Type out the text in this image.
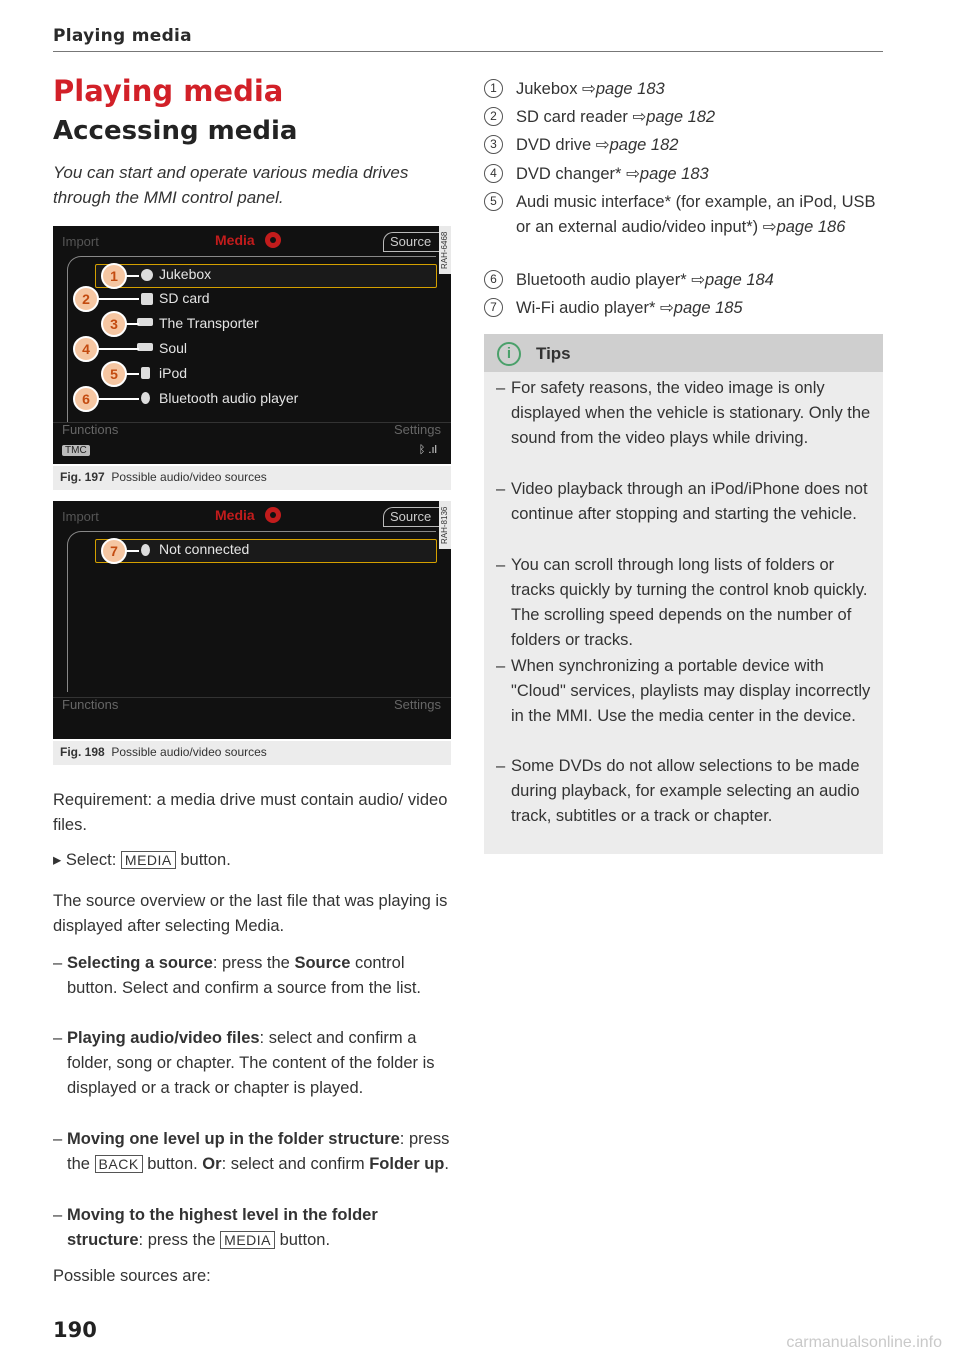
Playing media
Playing media
Accessing media
You can start and operate various media drives through the MMI control panel.
Import	Media	Source	RAH-6468
Jukebox
SD card
The Transporter
Soul
iPod
Bluetooth audio player
1
2
3
4
5
6
Functions	Settings
TMC	ᛒ .ıl
Fig. 197 Possible audio/video sources
Import	Media	Source	RAH-8136
Not connected
7
Functions	Settings
Fig. 198 Possible audio/video sources
Requirement: a media drive must contain audio/ video files.
▸ Select: MEDIA button.
The source overview or the last file that was playing is displayed after selecting Media.
– Selecting a source: press the Source control button. Select and confirm a source from the list.
– Playing audio/video files: select and confirm a folder, song or chapter. The content of the folder is displayed or a track or chapter is played.
– Moving one level up in the folder structure: press the BACK button. Or: select and confirm Folder up.
– Moving to the highest level in the folder structure: press the MEDIA button.
Possible sources are:
190
1	Jukebox ⇨page 183
2	SD card reader ⇨page 182
3	DVD drive ⇨page 182
4	DVD changer* ⇨page 183
5	Audi music interface* (for example, an iPod, USB or an external audio/video input*) ⇨page 186
6	Bluetooth audio player* ⇨page 184
7	Wi-Fi audio player* ⇨page 185
i	Tips
– For safety reasons, the video image is only displayed when the vehicle is stationary. Only the sound from the video plays while driving.
– Video playback through an iPod/iPhone does not continue after stopping and starting the vehicle.
– You can scroll through long lists of folders or tracks quickly by turning the control knob quickly. The scrolling speed depends on the number of folders or tracks.
– When synchronizing a portable device with "Cloud" services, playlists may display incorrectly in the MMI. Use the media center in the device.
– Some DVDs do not allow selections to be made during playback, for example selecting an audio track, subtitles or a track or chapter.
carmanualsonline.info
